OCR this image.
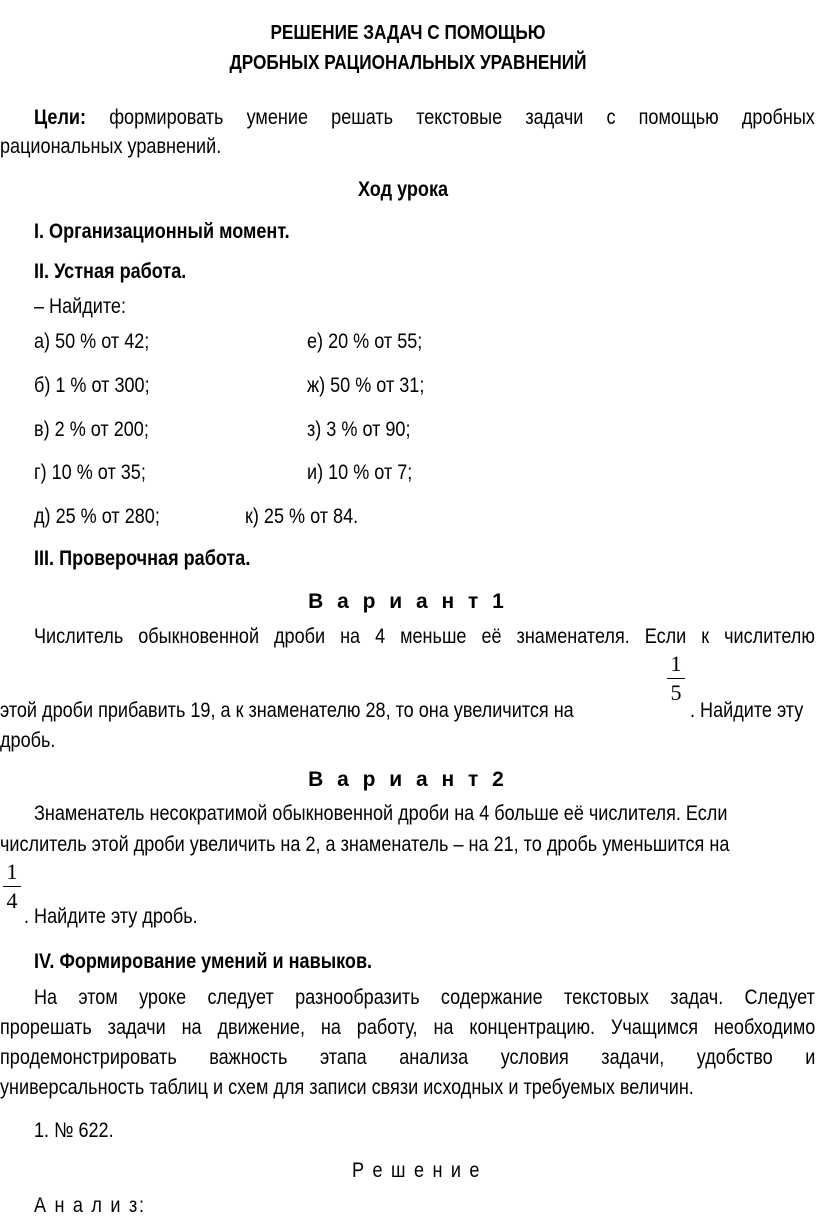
РЕШЕНИЕ ЗАДАЧ С ПОМОЩЬЮ
ДРОБНЫХ РАЦИОНАЛЬНЫХ УРАВНЕНИЙ
Цели: формировать умение решать текстовые задачи с помощью дробных
рациональных уравнений.
Ход урока
I. Организационный момент.
II. Устная работа.
– Найдите:
а) 50 % от 42;	е) 20 % от 55;
б) 1 % от 300;	ж) 50 % от 31;
в) 2 % от 200;	з) 3 % от 90;
г) 10 % от 35;	и) 10 % от 7;
д) 25 % от 280;	к) 25 % от 84.
III. Проверочная работа.
В а р и а н т 1
Числитель обыкновенной дроби на 4 меньше её знаменателя. Если к числителю
1
5
этой дроби прибавить 19, а к знаменателю 28, то она увеличится на	. Найдите эту
дробь.
В а р и а н т 2
Знаменатель несократимой обыкновенной дроби на 4 больше её числителя. Если
числитель этой дроби увеличить на 2, а знаменатель – на 21, то дробь уменьшится на
1
4
. Найдите эту дробь.
IV. Формирование умений и навыков.
На этом уроке следует разнообразить содержание текстовых задач. Следует
прорешать задачи на движение, на работу, на концентрацию. Учащимся необходимо
продемонстрировать важность этапа анализа условия задачи, удобство и
универсальность таблиц и схем для записи связи исходных и требуемых величин.
1. № 622.
Р е ш е н и е
А н а л и з:
